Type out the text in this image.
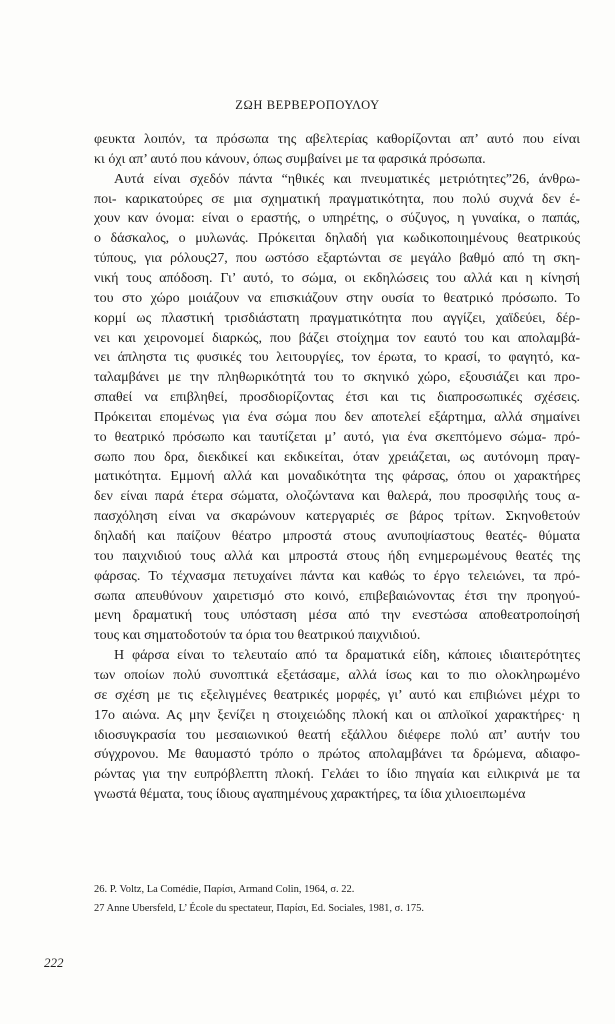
ΖΩΗ ΒΕΡΒΕΡΟΠΟΥΛΟΥ
φευκτα λοιπόν, τα πρόσωπα της αβελτερίας καθορίζονται απ’ αυτό που είναι
κι όχι απ’ αυτό που κάνουν, όπως συμβαίνει με τα φαρσικά πρόσωπα.
Αυτά είναι σχεδόν πάντα “ηθικές και πνευματικές μετριότητες”26, άνθρω-
ποι- καρικατούρες σε μια σχηματική πραγματικότητα, που πολύ συχνά δεν έ-
χουν καν όνομα: είναι ο εραστής, ο υπηρέτης, ο σύζυγος, η γυναίκα, ο παπάς,
ο δάσκαλος, ο μυλωνάς. Πρόκειται δηλαδή για κωδικοποιημένους θεατρικούς
τύπους, για ρόλους27, που ωστόσο εξαρτώνται σε μεγάλο βαθμό από τη σκη-
νική τους απόδοση. Γι’ αυτό, το σώμα, οι εκδηλώσεις του αλλά και η κίνησή
του στο χώρο μοιάζουν να επισκιάζουν στην ουσία το θεατρικό πρόσωπο. Το
κορμί ως πλαστική τρισδιάστατη πραγματικότητα που αγγίζει, χαϊδεύει, δέρ-
νει και χειρονομεί διαρκώς, που βάζει στοίχημα τον εαυτό του και απολαμβά-
νει άπληστα τις φυσικές του λειτουργίες, τον έρωτα, το κρασί, το φαγητό, κα-
ταλαμβάνει με την πληθωρικότητά του το σκηνικό χώρο, εξουσιάζει και προ-
σπαθεί να επιβληθεί, προσδιορίζοντας έτσι και τις διαπροσωπικές σχέσεις.
Πρόκειται επομένως για ένα σώμα που δεν αποτελεί εξάρτημα, αλλά σημαίνει
το θεατρικό πρόσωπο και ταυτίζεται μ’ αυτό, για ένα σκεπτόμενο σώμα- πρό-
σωπο που δρα, διεκδικεί και εκδικείται, όταν χρειάζεται, ως αυτόνομη πραγ-
ματικότητα. Εμμονή αλλά και μοναδικότητα της φάρσας, όπου οι χαρακτήρες
δεν είναι παρά έτερα σώματα, ολοζώντανα και θαλερά, που προσφιλής τους α-
πασχόληση είναι να σκαρώνουν κατεργαριές σε βάρος τρίτων. Σκηνοθετούν
δηλαδή και παίζουν θέατρο μπροστά στους ανυποψίαστους θεατές- θύματα
του παιχνιδιού τους αλλά και μπροστά στους ήδη ενημερωμένους θεατές της
φάρσας. Το τέχνασμα πετυχαίνει πάντα και καθώς το έργο τελειώνει, τα πρό-
σωπα απευθύνουν χαιρετισμό στο κοινό, επιβεβαιώνοντας έτσι την προηγού-
μενη δραματική τους υπόσταση μέσα από την ενεστώσα αποθεατροποίησή
τους και σηματοδοτούν τα όρια του θεατρικού παιχνιδιού.
Η φάρσα είναι το τελευταίο από τα δραματικά είδη, κάποιες ιδιαιτερότητες
των οποίων πολύ συνοπτικά εξετάσαμε, αλλά ίσως και το πιο ολοκληρωμένο
σε σχέση με τις εξελιγμένες θεατρικές μορφές, γι’ αυτό και επιβιώνει μέχρι το
17ο αιώνα. Ας μην ξενίζει η στοιχειώδης πλοκή και οι απλοϊκοί χαρακτήρες· η
ιδιοσυγκρασία του μεσαιωνικού θεατή εξάλλου διέφερε πολύ απ’ αυτήν του
σύγχρονου. Με θαυμαστό τρόπο ο πρώτος απολαμβάνει τα δρώμενα, αδιαφο-
ρώντας για την ευπρόβλεπτη πλοκή. Γελάει το ίδιο πηγαία και ειλικρινά με τα
γνωστά θέματα, τους ίδιους αγαπημένους χαρακτήρες, τα ίδια χιλιοειπωμένα
26. P. Voltz, La Comédie, Παρίσι, Armand Colin, 1964, σ. 22.
27 Anne Ubersfeld, L’ École du spectateur, Παρίσι, Ed. Sociales, 1981, σ. 175.
222
